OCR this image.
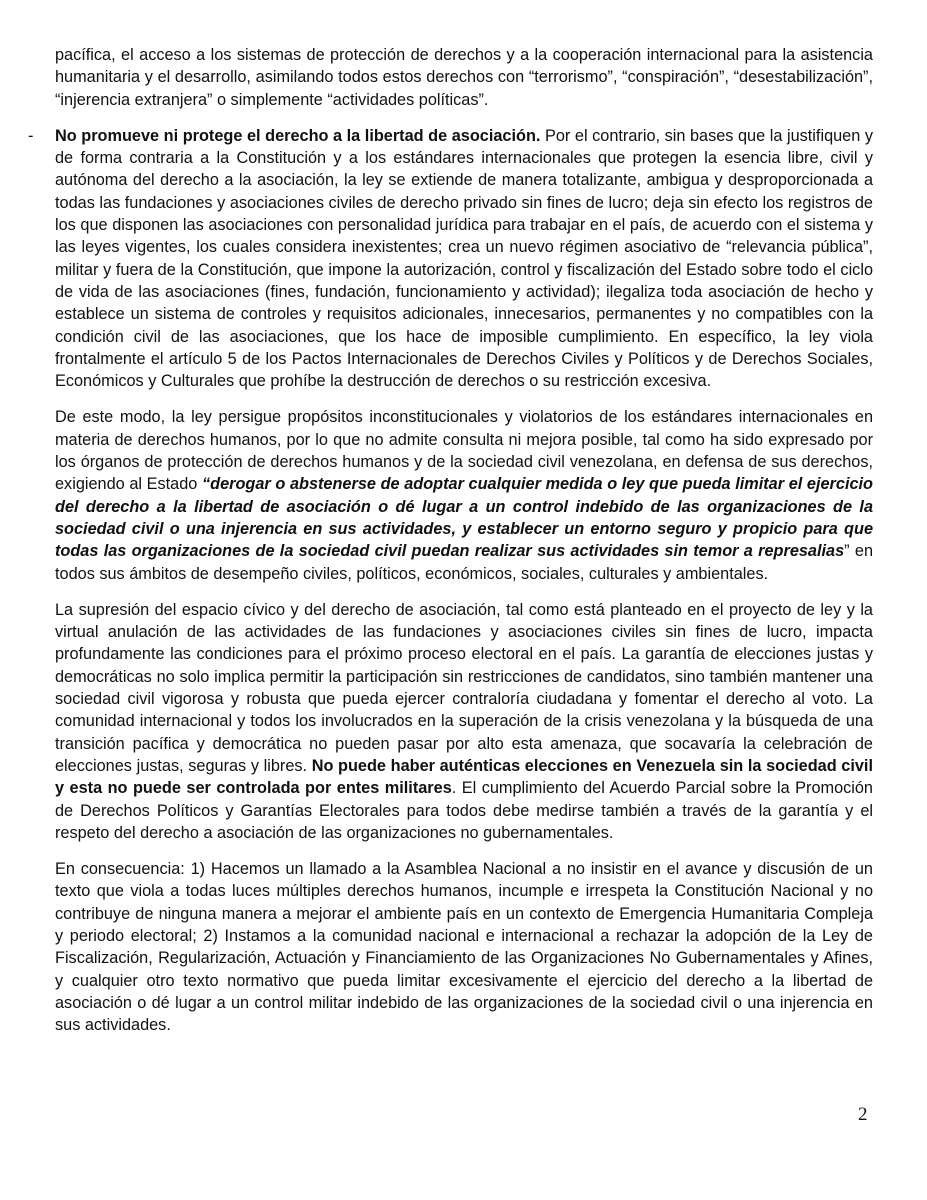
pacífica, el acceso a los sistemas de protección de derechos y a la cooperación internacional para la asistencia humanitaria y el desarrollo, asimilando todos estos derechos con “terrorismo”, “conspiración”, “desestabilización”, “injerencia extranjera” o simplemente “actividades políticas”.

- No promueve ni protege el derecho a la libertad de asociación. Por el contrario, sin bases que la justifiquen y de forma contraria a la Constitución y a los estándares internacionales que protegen la esencia libre, civil y autónoma del derecho a la asociación, la ley se extiende de manera totalizante, ambigua y desproporcionada a todas las fundaciones y asociaciones civiles de derecho privado sin fines de lucro; deja sin efecto los registros de los que disponen las asociaciones con personalidad jurídica para trabajar en el país, de acuerdo con el sistema y las leyes vigentes, los cuales considera inexistentes; crea un nuevo régimen asociativo de “relevancia pública”, militar y fuera de la Constitución, que impone la autorización, control y fiscalización del Estado sobre todo el ciclo de vida de las asociaciones (fines, fundación, funcionamiento y actividad); ilegaliza toda asociación de hecho y establece un sistema de controles y requisitos adicionales, innecesarios, permanentes y no compatibles con la condición civil de las asociaciones, que los hace de imposible cumplimiento. En específico, la ley viola frontalmente el artículo 5 de los Pactos Internacionales de Derechos Civiles y Políticos y de Derechos Sociales, Económicos y Culturales que prohíbe la destrucción de derechos o su restricción excesiva.

De este modo, la ley persigue propósitos inconstitucionales y violatorios de los estándares internacionales en materia de derechos humanos, por lo que no admite consulta ni mejora posible, tal como ha sido expresado por los órganos de protección de derechos humanos y de la sociedad civil venezolana, en defensa de sus derechos, exigiendo al Estado “derogar o abstenerse de adoptar cualquier medida o ley que pueda limitar el ejercicio del derecho a la libertad de asociación o dé lugar a un control indebido de las organizaciones de la sociedad civil o una injerencia en sus actividades, y establecer un entorno seguro y propicio para que todas las organizaciones de la sociedad civil puedan realizar sus actividades sin temor a represalias” en todos sus ámbitos de desempeño civiles, políticos, económicos, sociales, culturales y ambientales.

La supresión del espacio cívico y del derecho de asociación, tal como está planteado en el proyecto de ley y la virtual anulación de las actividades de las fundaciones y asociaciones civiles sin fines de lucro, impacta profundamente las condiciones para el próximo proceso electoral en el país. La garantía de elecciones justas y democráticas no solo implica permitir la participación sin restricciones de candidatos, sino también mantener una sociedad civil vigorosa y robusta que pueda ejercer contraloría ciudadana y fomentar el derecho al voto. La comunidad internacional y todos los involucrados en la superación de la crisis venezolana y la búsqueda de una transición pacífica y democrática no pueden pasar por alto esta amenaza, que socavaría la celebración de elecciones justas, seguras y libres. No puede haber auténticas elecciones en Venezuela sin la sociedad civil y esta no puede ser controlada por entes militares. El cumplimiento del Acuerdo Parcial sobre la Promoción de Derechos Políticos y Garantías Electorales para todos debe medirse también a través de la garantía y el respeto del derecho a asociación de las organizaciones no gubernamentales.

En consecuencia: 1) Hacemos un llamado a la Asamblea Nacional a no insistir en el avance y discusión de un texto que viola a todas luces múltiples derechos humanos, incumple e irrespeta la Constitución Nacional y no contribuye de ninguna manera a mejorar el ambiente país en un contexto de Emergencia Humanitaria Compleja y periodo electoral; 2) Instamos a la comunidad nacional e internacional a rechazar la adopción de la Ley de Fiscalización, Regularización, Actuación y Financiamiento de las Organizaciones No Gubernamentales y Afines, y cualquier otro texto normativo que pueda limitar excesivamente el ejercicio del derecho a la libertad de asociación o dé lugar a un control militar indebido de las organizaciones de la sociedad civil o una injerencia en sus actividades.

2
